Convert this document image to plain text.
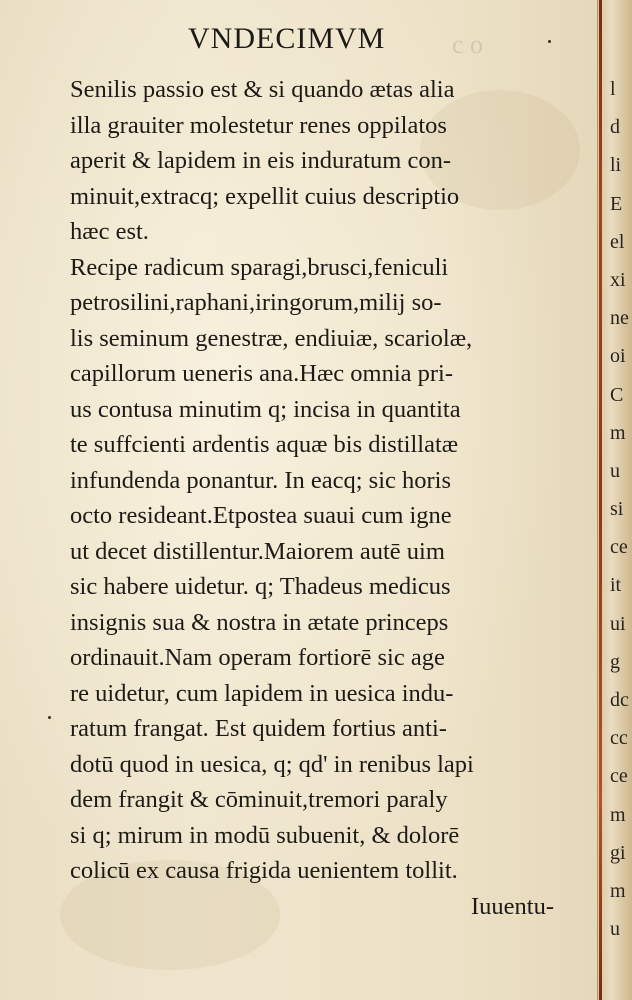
VNDECIMVM	c o
Senilis passio est & si quando ætas alia
illa grauiter molestetur renes oppilatos
aperit & lapidem in eis induratum con-
minuit,extracq; expellit cuius descriptio
hæc est.
Recipe radicum sparagi,brusci,feniculi
petrosilini,raphani,iringorum,milij so-
lis seminum genestræ, endiuiæ, scariolæ,
capillorum ueneris ana.Hæc omnia pri-
us contusa minutim q; incisa in quantita
te suffcienti ardentis aquæ bis distillatæ
infundenda ponantur. In eacq; sic horis
octo resideant.Etpostea suaui cum igne
ut decet distillentur.Maiorem autē uim
sic habere uidetur. q; Thadeus medicus
insignis sua & nostra in ætate princeps
ordinauit.Nam operam fortiorē sic age
re uidetur, cum lapidem in uesica indu-
ratum frangat. Est quidem fortius anti-
dotū quod in uesica, q; qd' in renibus lapi
dem frangit & cōminuit,tremori paraly
si q; mirum in modū subuenit, & dolorē
colicū ex causa frigida uenientem tollit.
Iuuentu-
l
d
li
E
el
xi
ne
oi
C
m
u
si
ce
it
ui
g
dc
cc
ce
m
gi
m
u
